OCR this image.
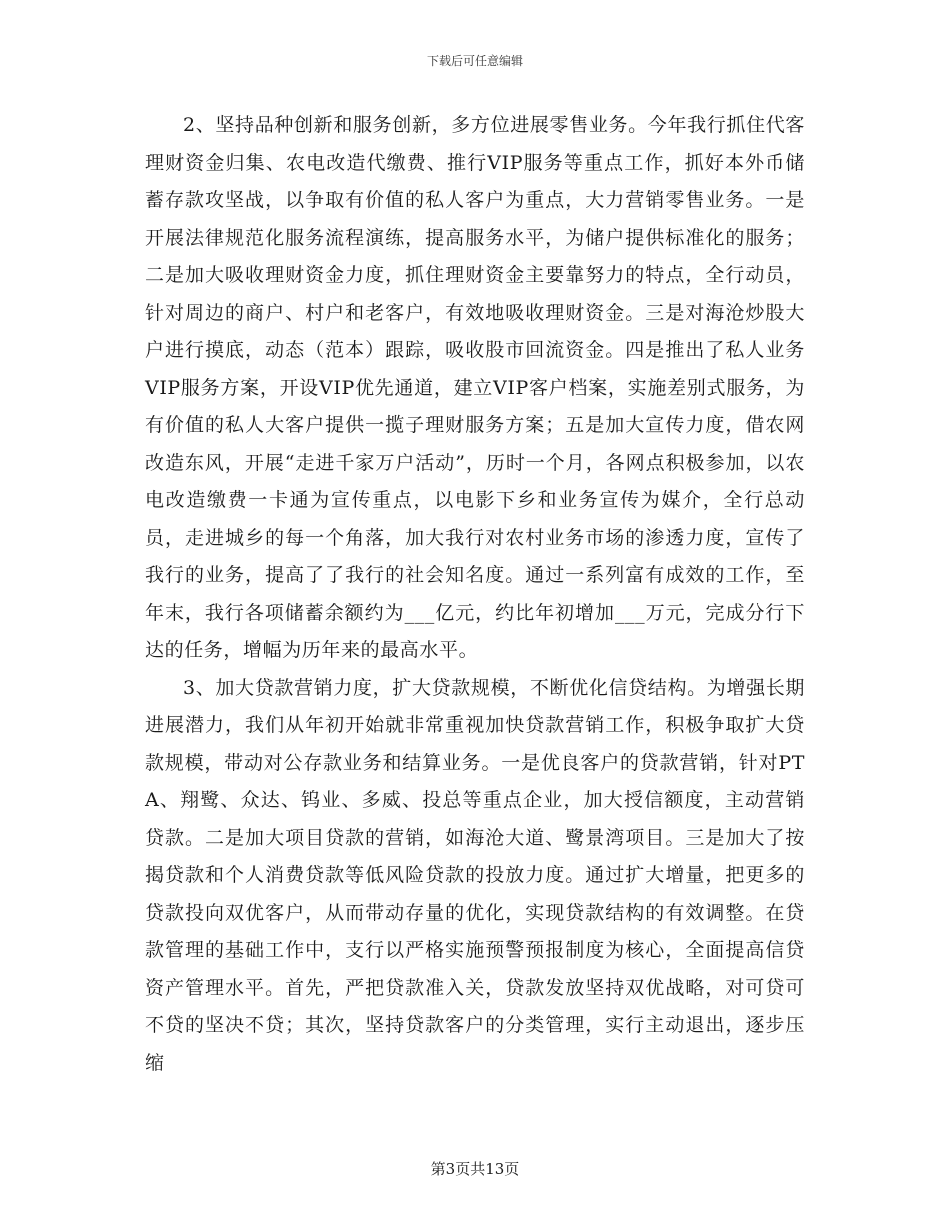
下载后可任意编辑

2、坚持品种创新和服务创新，多方位进展零售业务。今年我行抓住代客理财资金归集、农电改造代缴费、推行VIP服务等重点工作，抓好本外币储蓄存款攻坚战，以争取有价值的私人客户为重点，大力营销零售业务。一是开展法律规范化服务流程演练，提高服务水平，为储户提供标准化的服务；二是加大吸收理财资金力度，抓住理财资金主要靠努力的特点，全行动员，针对周边的商户、村户和老客户，有效地吸收理财资金。三是对海沧炒股大户进行摸底，动态（范本）跟踪，吸收股市回流资金。四是推出了私人业务VIP服务方案，开设VIP优先通道，建立VIP客户档案，实施差别式服务，为有价值的私人大客户提供一揽子理财服务方案；五是加大宣传力度，借农网改造东风，开展“走进千家万户活动”，历时一个月，各网点积极参加，以农电改造缴费一卡通为宣传重点，以电影下乡和业务宣传为媒介，全行总动员，走进城乡的每一个角落，加大我行对农村业务市场的渗透力度，宣传了我行的业务，提高了了我行的社会知名度。通过一系列富有成效的工作，至年末，我行各项储蓄余额约为___亿元，约比年初增加___万元，完成分行下达的任务，增幅为历年来的最高水平。

3、加大贷款营销力度，扩大贷款规模，不断优化信贷结构。为增强长期进展潜力，我们从年初开始就非常重视加快贷款营销工作，积极争取扩大贷款规模，带动对公存款业务和结算业务。一是优良客户的贷款营销，针对PTA、翔鹭、众达、钨业、多威、投总等重点企业，加大授信额度，主动营销贷款。二是加大项目贷款的营销，如海沧大道、鹭景湾项目。三是加大了按揭贷款和个人消费贷款等低风险贷款的投放力度。通过扩大增量，把更多的贷款投向双优客户，从而带动存量的优化，实现贷款结构的有效调整。在贷款管理的基础工作中，支行以严格实施预警预报制度为核心，全面提高信贷资产管理水平。首先，严把贷款准入关，贷款发放坚持双优战略，对可贷可不贷的坚决不贷；其次，坚持贷款客户的分类管理，实行主动退出，逐步压缩

第3页共13页
